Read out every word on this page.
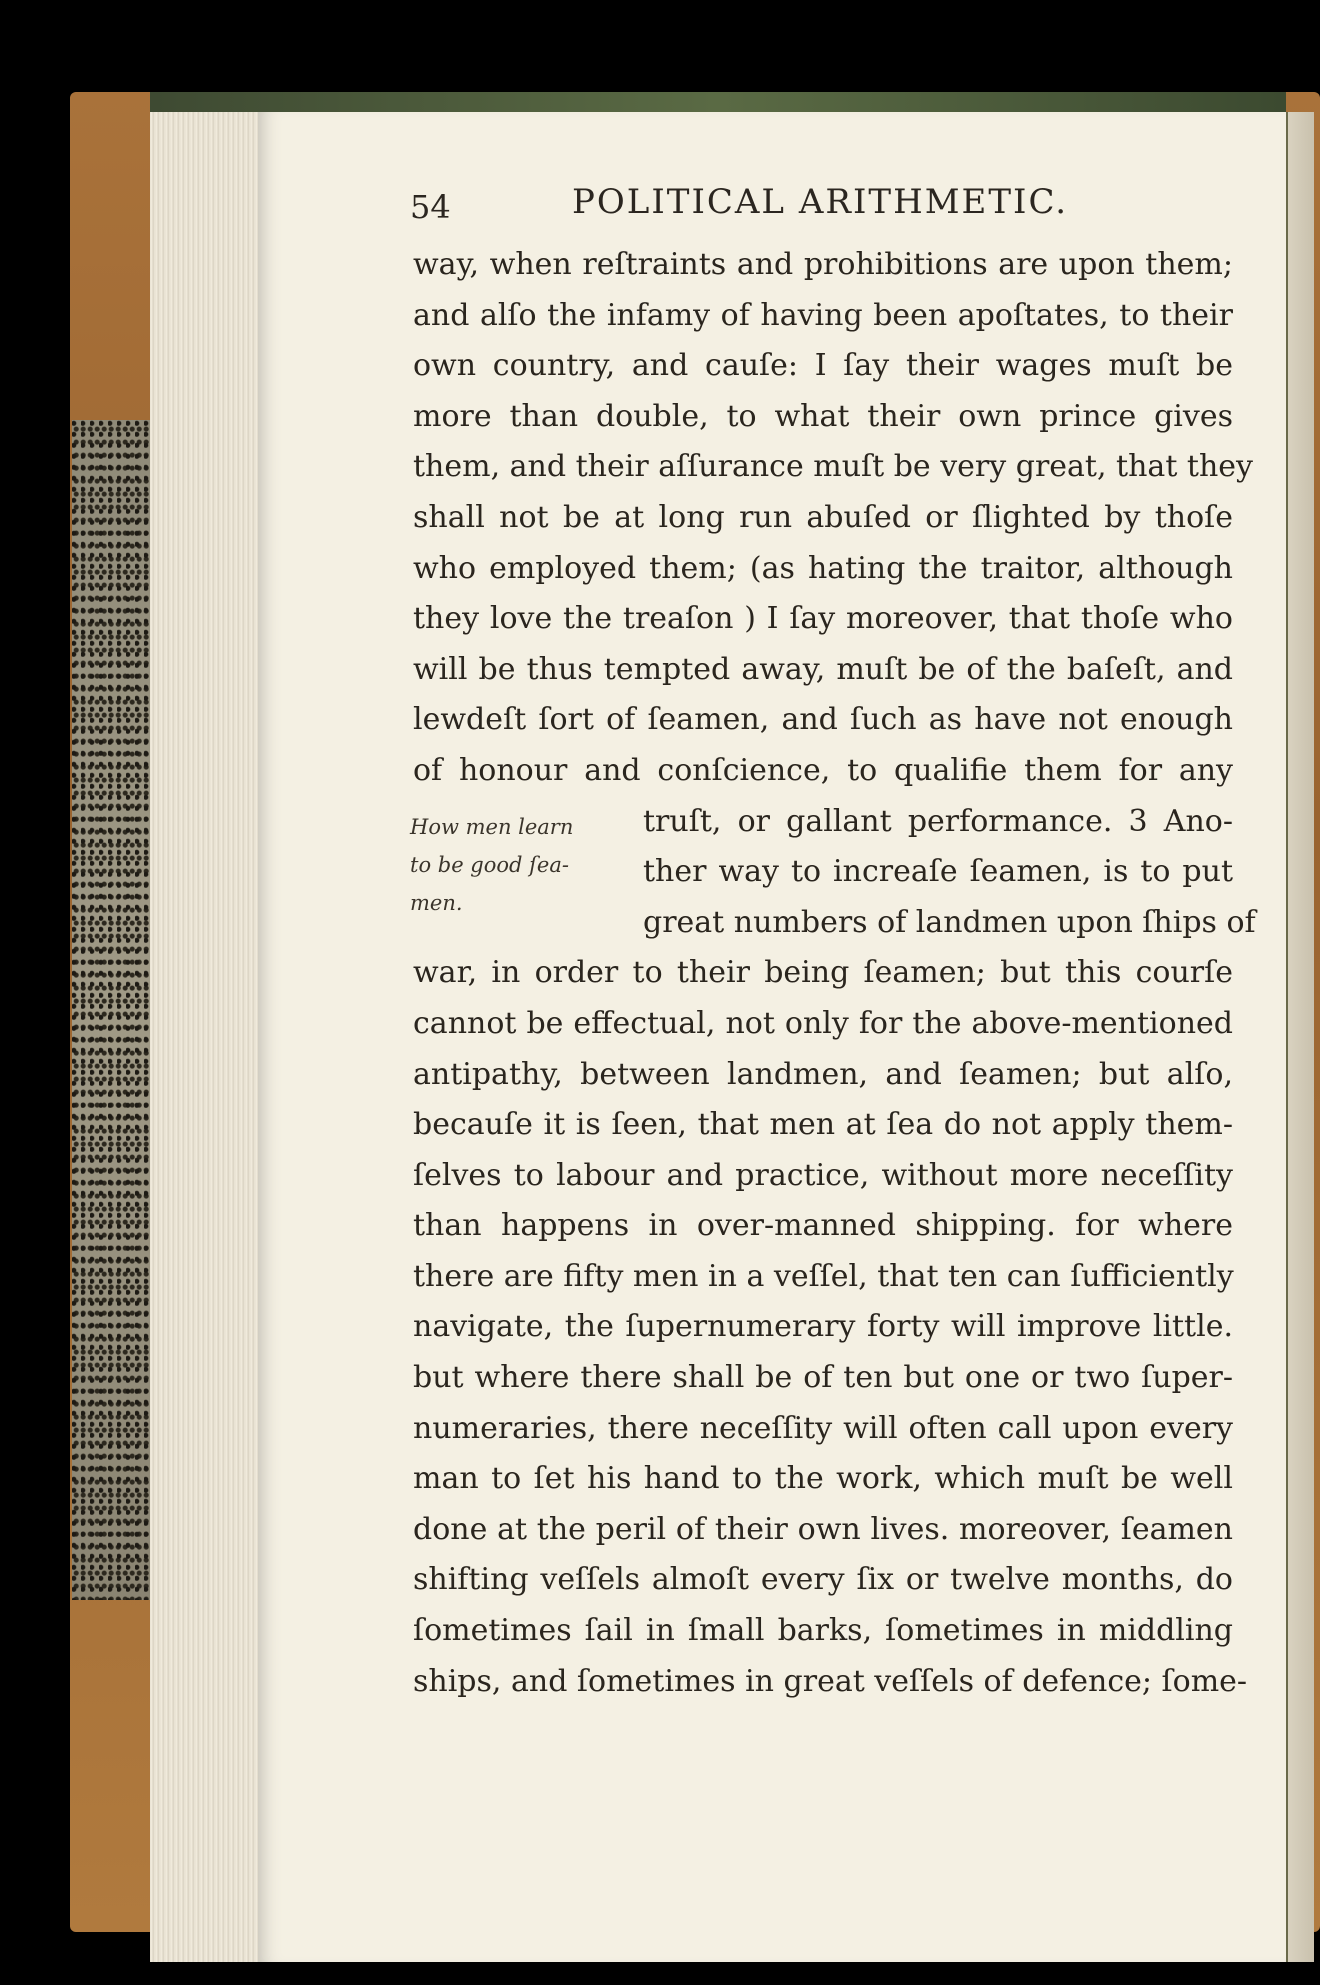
54	POLITICAL ARITHMETIC.
How men learn
to be good ſea-
men.
way, when reſtraints and prohibitions are upon them;
and alſo the infamy of having been apoſtates, to their
own country, and cauſe: I ſay their wages muſt be
more than double, to what their own prince gives
them, and their aſſurance muſt be very great, that they
shall not be at long run abuſed or ſlighted by thoſe
who employed them; (as hating the traitor, although
they love the treaſon ) I ſay moreover, that thoſe who
will be thus tempted away, muſt be of the baſeſt, and
lewdeſt ſort of ſeamen, and ſuch as have not enough
of honour and conſcience, to qualifie them for any
truſt, or gallant performance. 3 Ano-
ther way to increaſe ſeamen, is to put
great numbers of landmen upon ſhips of
war, in order to their being ſeamen; but this courſe
cannot be effectual, not only for the above-mentioned
antipathy, between landmen, and ſeamen; but alſo,
becauſe it is ſeen, that men at ſea do not apply them-
ſelves to labour and practice, without more neceſſity
than happens in over-manned shipping. for where
there are fifty men in a veſſel, that ten can ſufficiently
navigate, the ſupernumerary forty will improve little.
but where there shall be of ten but one or two ſuper-
numeraries, there neceſſity will often call upon every
man to ſet his hand to the work, which muſt be well
done at the peril of their own lives. moreover, ſeamen
shifting veſſels almoſt every ſix or twelve months, do
ſometimes ſail in ſmall barks, ſometimes in middling
ships, and ſometimes in great veſſels of defence; ſome-
